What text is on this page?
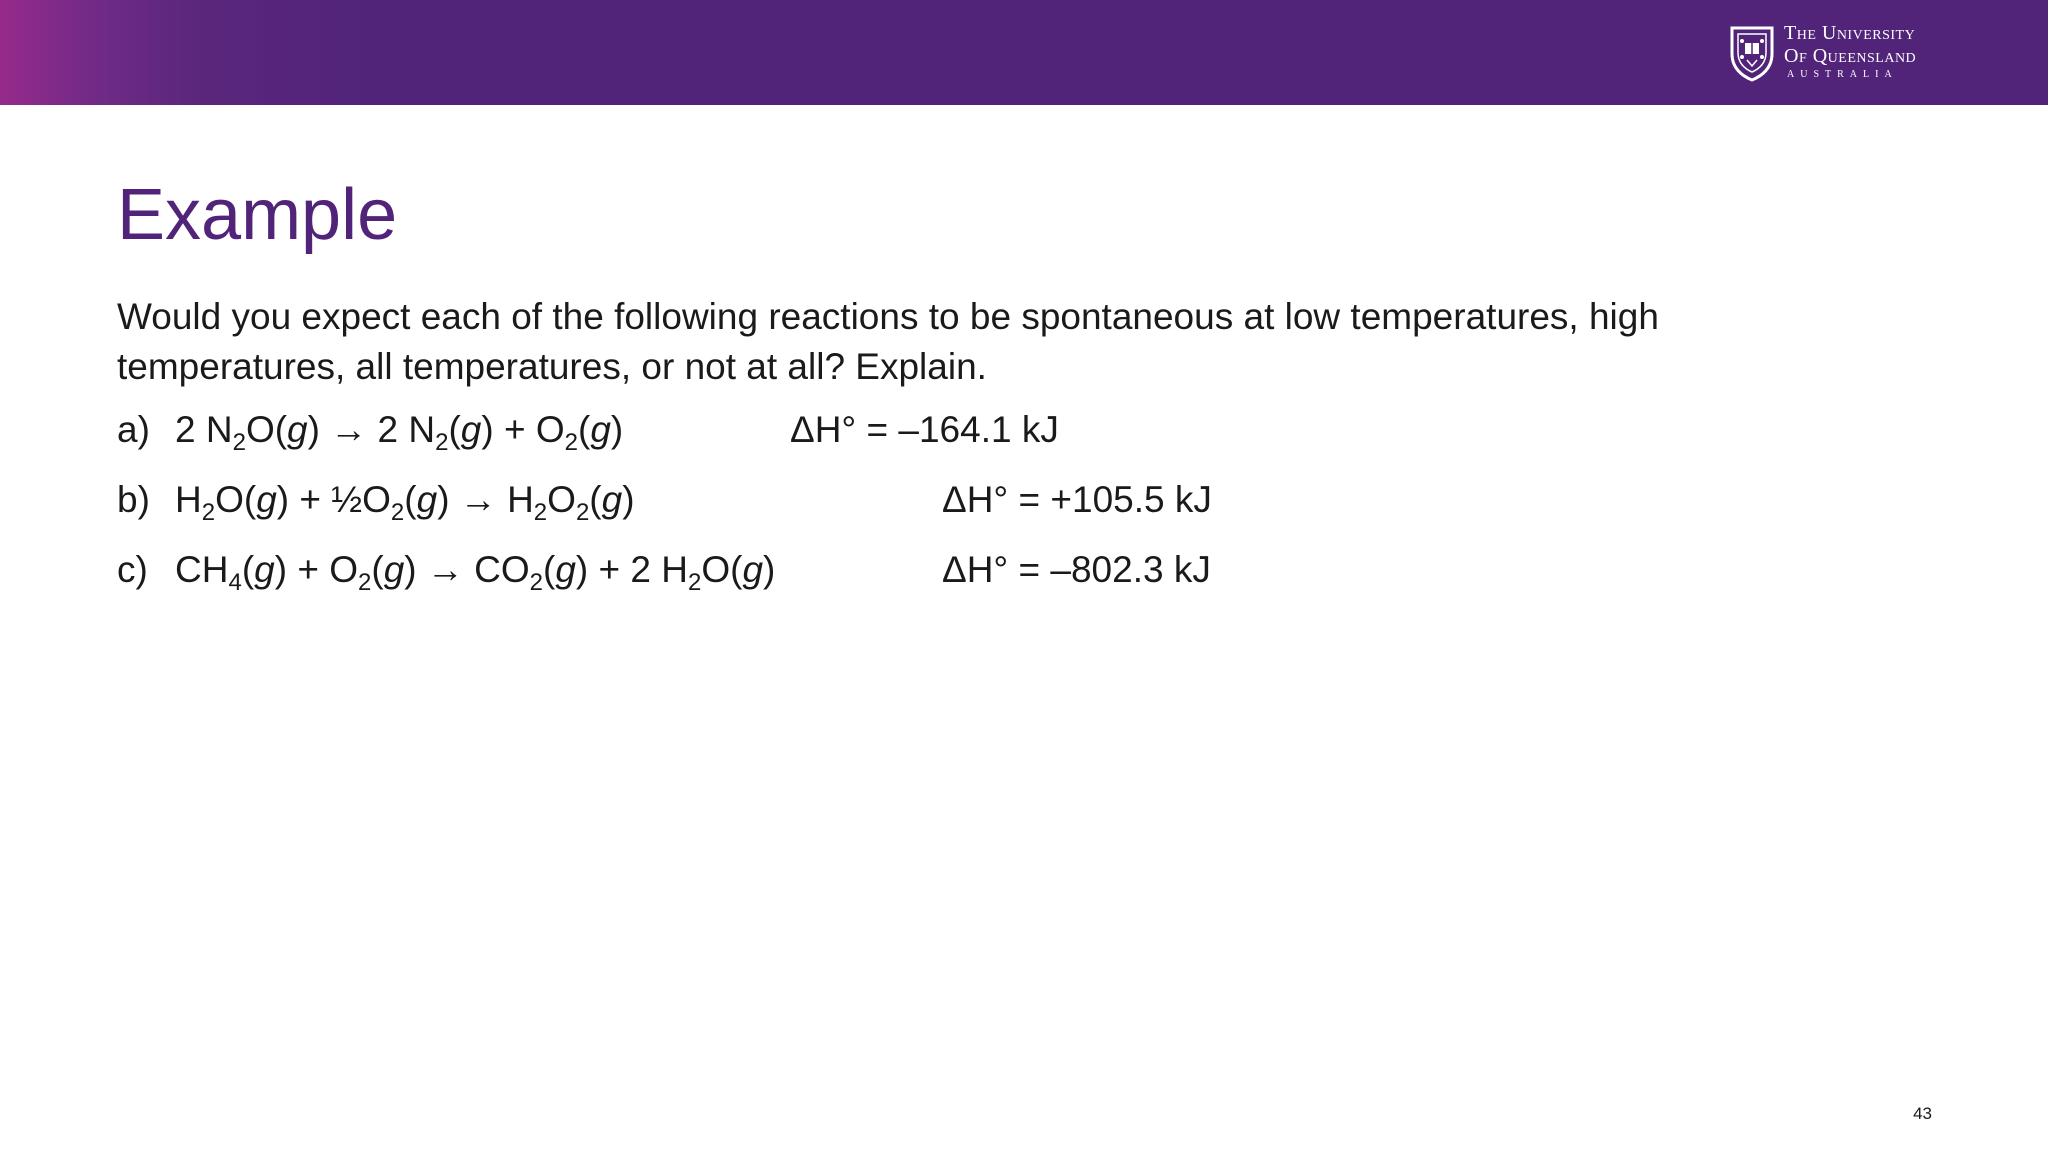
The University
Of Queensland
AUSTRALIA
Example

Would you expect each of the following reactions to be spontaneous at low temperatures, high temperatures, all temperatures, or not at all? Explain.

a) 2 $N_2O(g) \to 2$ $N_2(g) + O_2(g)$	ΔH° = –164.1 kJ
b) $H_2O(g)$ + $\frac{1}{2}O_2(g) \to H_2O_2(g)$	ΔH° = +105.5 kJ
c) $CH_4(g) + O_2(g) \to CO_2(g) + 2$ $H_2O(g)$	ΔH° = –802.3 kJ
43
